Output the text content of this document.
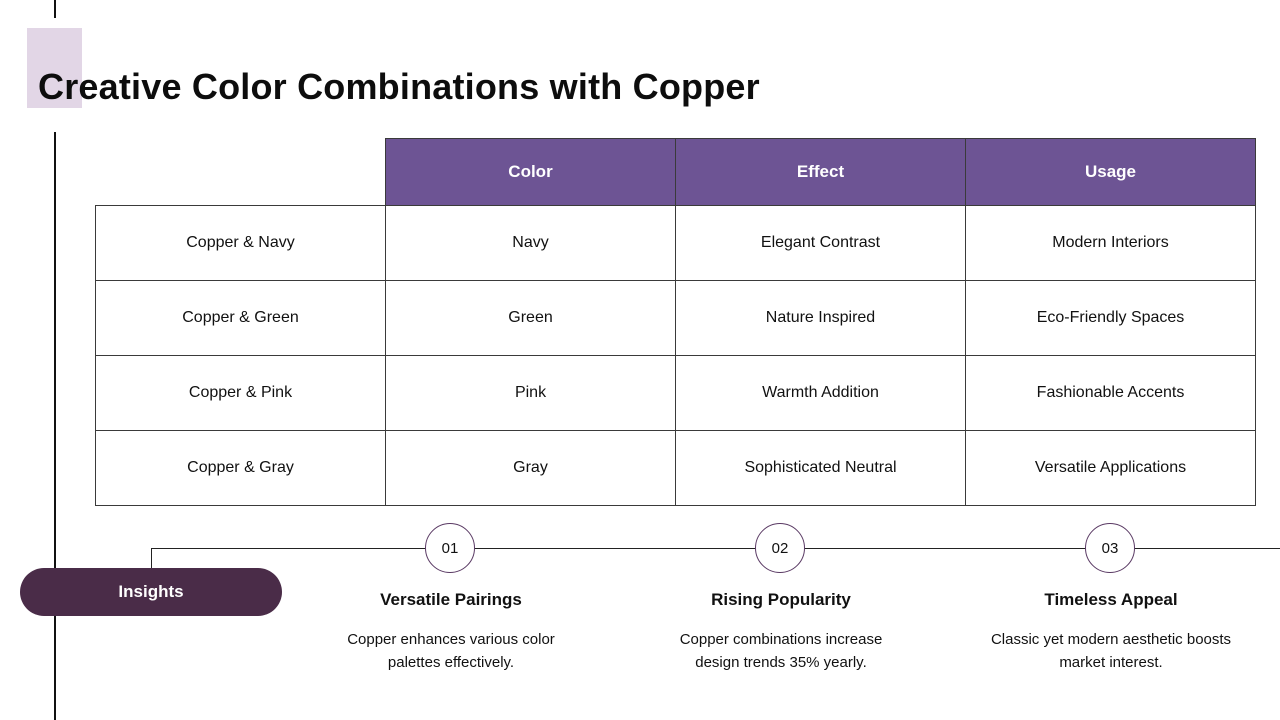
Creative Color Combinations with Copper
	Color	Effect	Usage
Copper & Navy	Navy	Elegant Contrast	Modern Interiors
Copper & Green	Green	Nature Inspired	Eco-Friendly Spaces
Copper & Pink	Pink	Warmth Addition	Fashionable Accents
Copper & Gray	Gray	Sophisticated Neutral	Versatile Applications
Insights
01
Versatile Pairings

Copper enhances various color palettes effectively.

02
Rising Popularity

Copper combinations increase design trends 35% yearly.

03
Timeless Appeal

Classic yet modern aesthetic boosts market interest.
